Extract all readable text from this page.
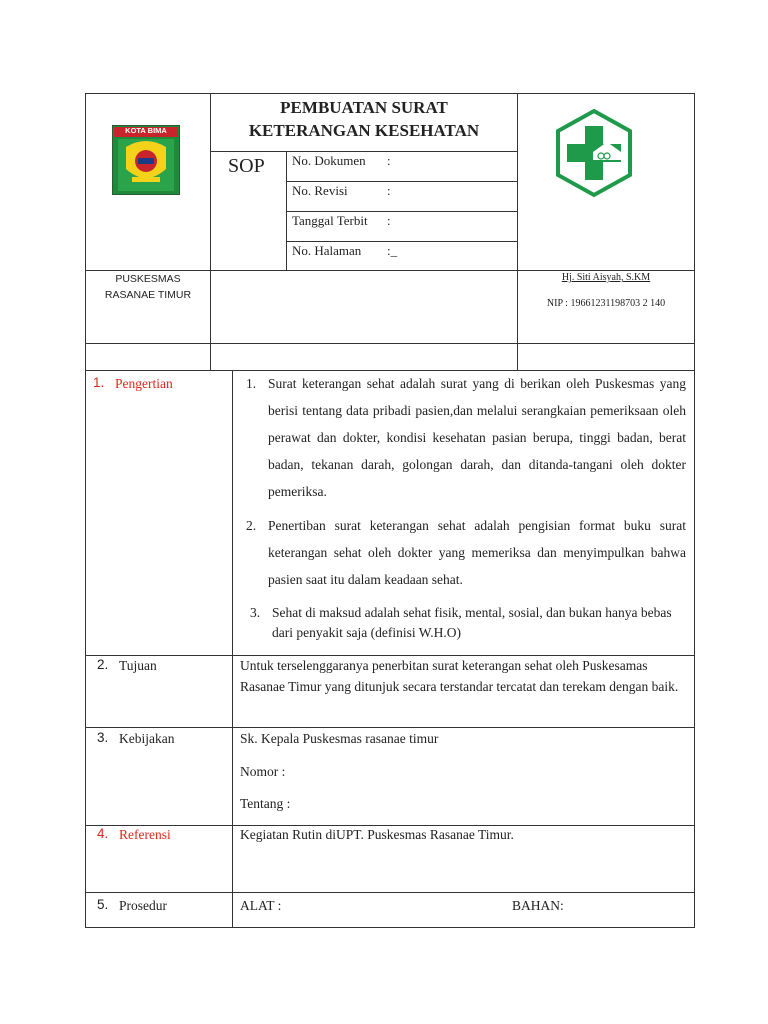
KOTA BIMA
PEMBUATAN SURAT
KETERANGAN KESEHATAN
SOP No. Dokumen :
No. Revisi	:
Tanggal Terbit :
No. Halaman :_
PUSKESMAS
RASANAE TIMUR
Hj. Siti Aisyah, S.KM
NIP : 19661231198703 2 140
1. Pengertian	1. Surat keterangan sehat adalah surat yang di berikan oleh Puskesmas yang berisi tentang data pribadi pasien,dan melalui serangkaian pemeriksaan oleh perawat dan dokter, kondisi kesehatan pasian berupa, tinggi badan, berat badan, tekanan darah, golongan darah, dan ditanda-tangani oleh dokter pemeriksa.
2. Penertiban surat keterangan sehat adalah pengisian format buku surat keterangan sehat oleh dokter yang memeriksa dan menyimpulkan bahwa pasien saat itu dalam keadaan sehat.
3. Sehat di maksud adalah sehat fisik, mental, sosial, dan bukan hanya bebas dari penyakit saja (definisi W.H.O)
2. Tujuan	Untuk terselenggaranya penerbitan surat keterangan sehat oleh Puskesamas Rasanae Timur yang ditunjuk secara terstandar tercatat dan terekam dengan baik.
3. Kebijakan	Sk. Kepala Puskesmas rasanae timur
Nomor :
Tentang :
4. Referensi	Kegiatan Rutin diUPT. Puskesmas Rasanae Timur.
5. Prosedur	ALAT :	BAHAN:
